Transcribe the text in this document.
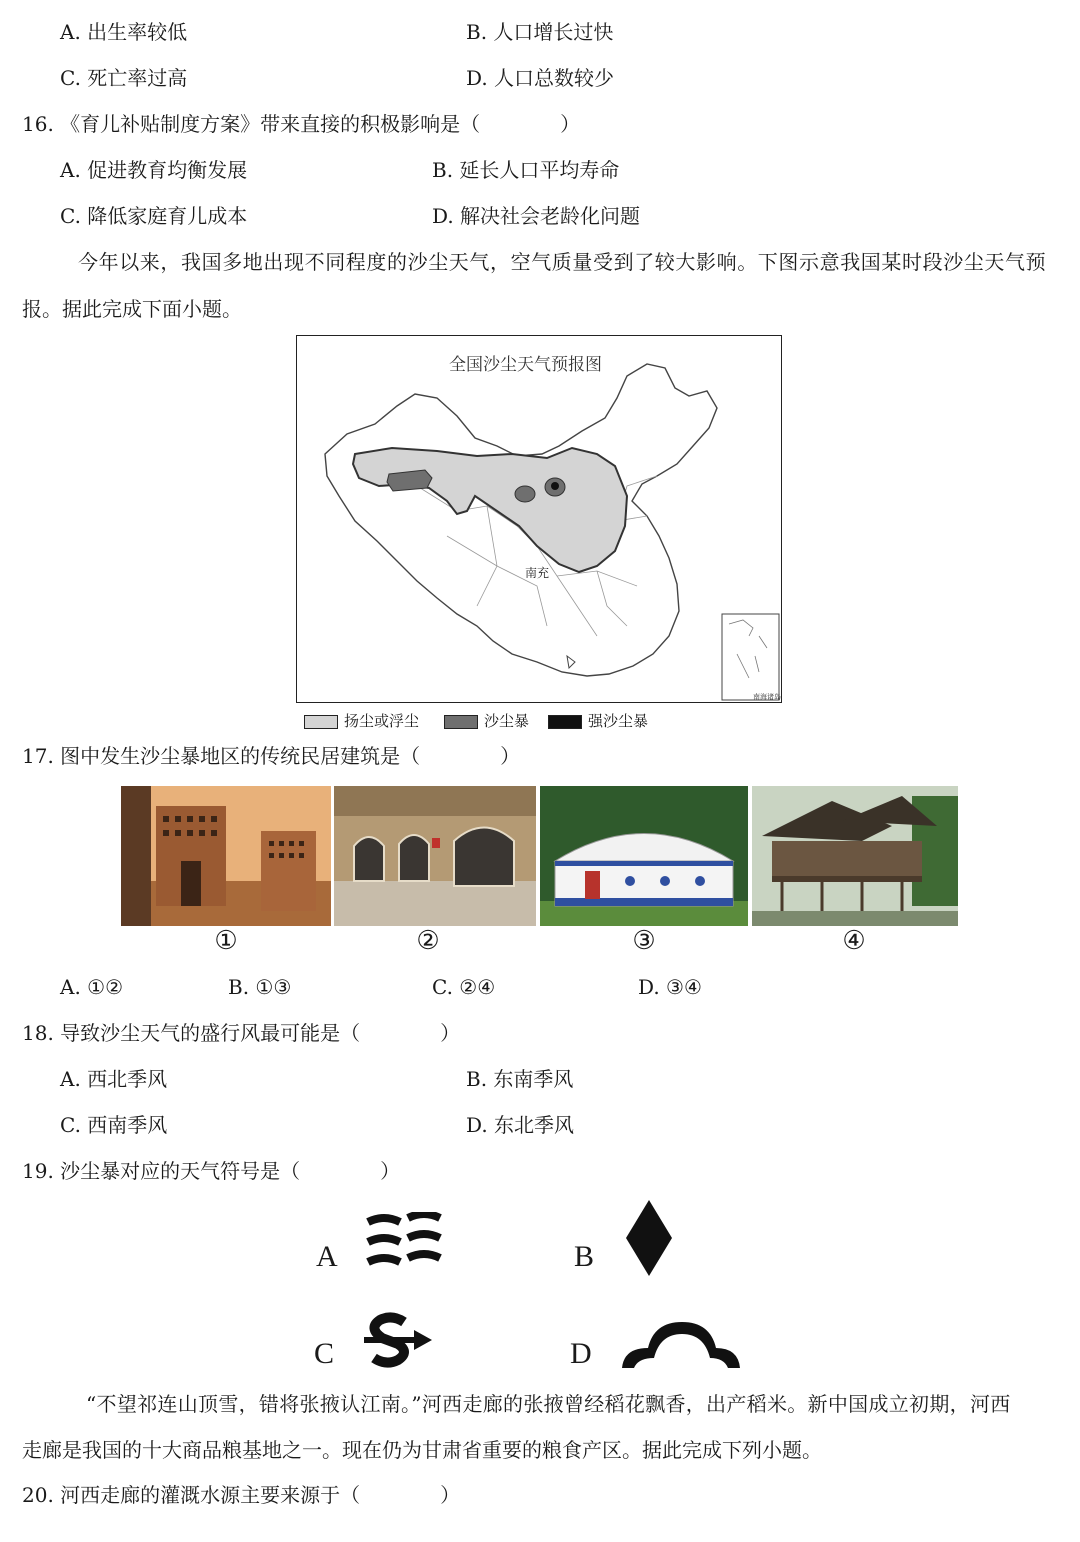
A. 出生率较低	B. 人口增长过快
C. 死亡率过高	D. 人口总数较少
16. 《育儿补贴制度方案》带来直接的积极影响是（　　　　）
A. 促进教育均衡发展	B. 延长人口平均寿命
C. 降低家庭育儿成本	D. 解决社会老龄化问题
今年以来，我国多地出现不同程度的沙尘天气，空气质量受到了较大影响。下图示意我国某时段沙尘天气预
报。据此完成下面小题。
全国沙尘天气预报图
南充
南海诸岛
扬尘或浮尘	沙尘暴	强沙尘暴
17. 图中发生沙尘暴地区的传统民居建筑是（　　　　）
①	②	③	④
A. ①②	B. ①③	C. ②④	D. ③④
18. 导致沙尘天气的盛行风最可能是（　　　　）
A. 西北季风	B. 东南季风
C. 西南季风	D. 东北季风
19. 沙尘暴对应的天气符号是（　　　　）
A	B
C	D
“不望祁连山顶雪，错将张掖认江南。”河西走廊的张掖曾经稻花飘香，出产稻米。新中国成立初期，河西
走廊是我国的十大商品粮基地之一。现在仍为甘肃省重要的粮食产区。据此完成下列小题。
20. 河西走廊的灌溉水源主要来源于（　　　　）
